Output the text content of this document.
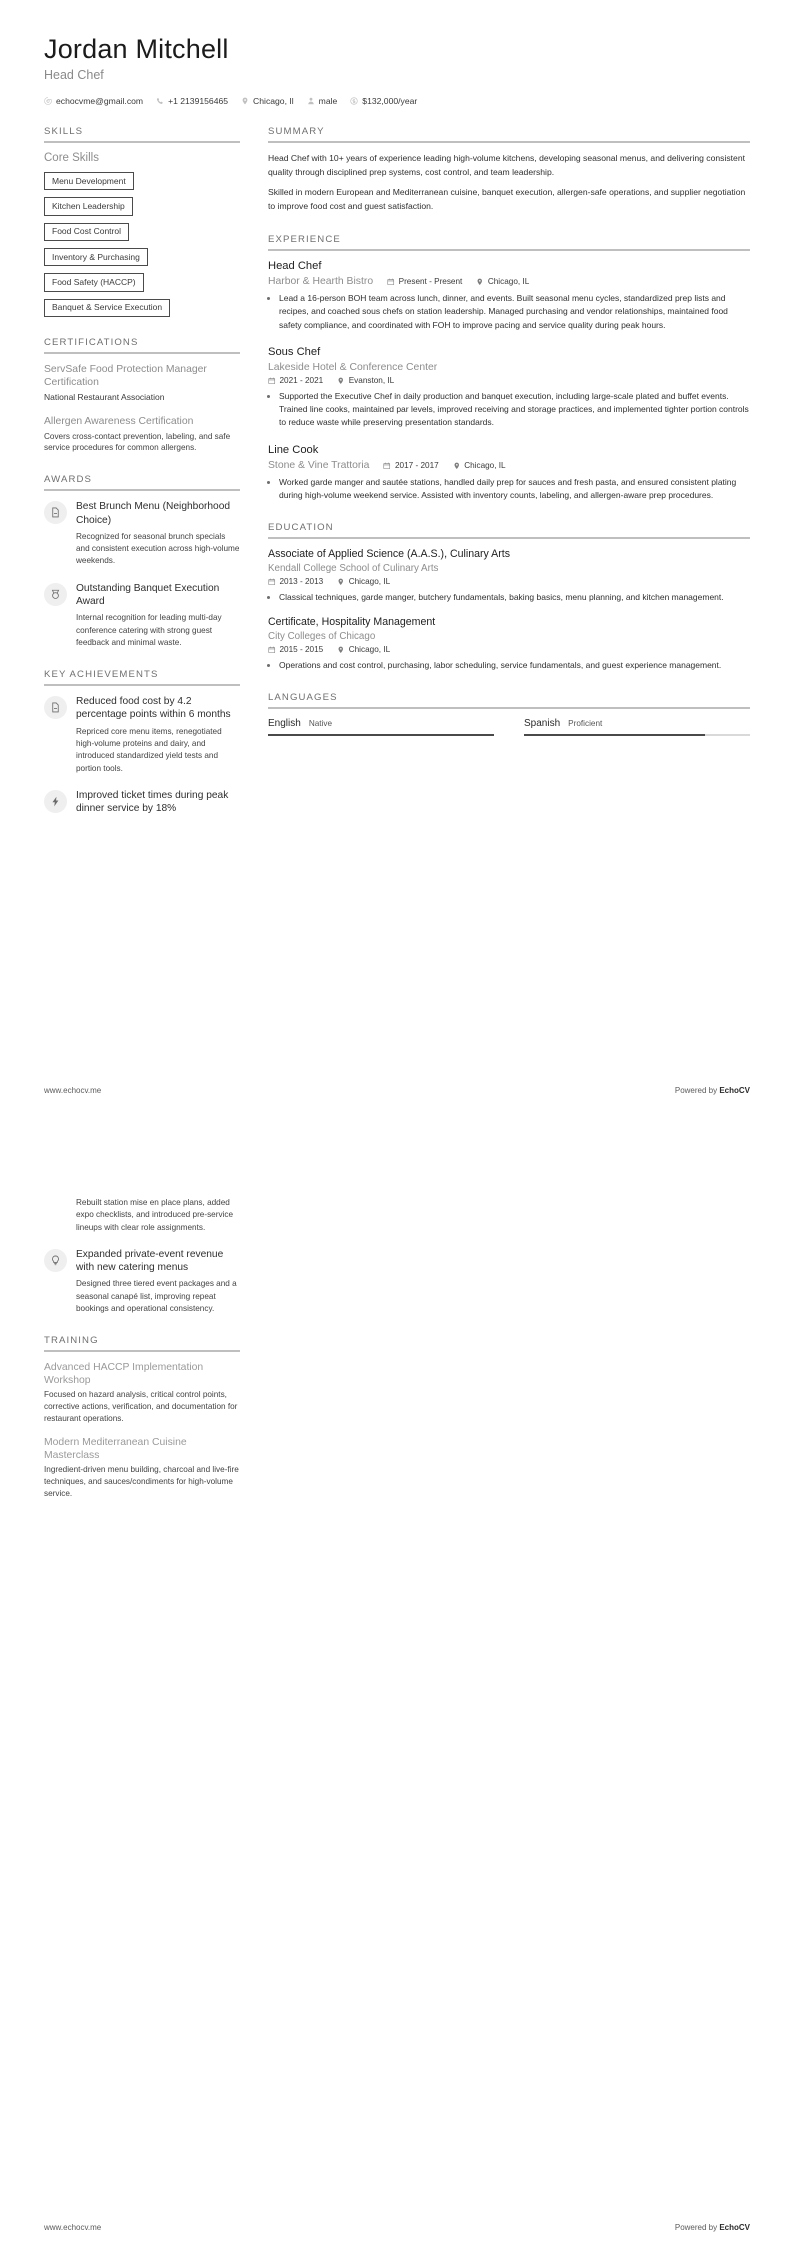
Jordan Mitchell
Head Chef
echocvme@gmail.com	+1 2139156465	Chicago, Il	male	$132,000/year
SKILLS
Core Skills
Menu Development
Kitchen Leadership
Food Cost Control
Inventory & Purchasing
Food Safety (HACCP)
Banquet & Service Execution
CERTIFICATIONS
ServSafe Food Protection Manager Certification
National Restaurant Association
Allergen Awareness Certification
Covers cross-contact prevention, labeling, and safe service procedures for common allergens.
AWARDS
Best Brunch Menu (Neighborhood Choice)
Recognized for seasonal brunch specials and consistent execution across high-volume weekends.
Outstanding Banquet Execution Award
Internal recognition for leading multi-day conference catering with strong guest feedback and minimal waste.
KEY ACHIEVEMENTS
Reduced food cost by 4.2 percentage points within 6 months
Repriced core menu items, renegotiated high-volume proteins and dairy, and introduced standardized yield tests and portion tools.
Improved ticket times during peak dinner service by 18%
SUMMARY

Head Chef with 10+ years of experience leading high-volume kitchens, developing seasonal menus, and delivering consistent quality through disciplined prep systems, cost control, and team leadership.

Skilled in modern European and Mediterranean cuisine, banquet execution, allergen-safe operations, and supplier negotiation to improve food cost and guest satisfaction.

EXPERIENCE
Head Chef
Harbor & Hearth Bistro	Present - Present	Chicago, IL
• Lead a 16-person BOH team across lunch, dinner, and events. Built seasonal menu cycles, standardized prep lists and recipes, and coached sous chefs on station leadership. Managed purchasing and vendor relationships, maintained food safety compliance, and coordinated with FOH to improve pacing and service quality during peak hours.
Sous Chef
Lakeside Hotel & Conference Center
2021 - 2021	Evanston, IL
• Supported the Executive Chef in daily production and banquet execution, including large-scale plated and buffet events. Trained line cooks, maintained par levels, improved receiving and storage practices, and implemented tighter portion controls to reduce waste while preserving presentation standards.
Line Cook
Stone & Vine Trattoria	2017 - 2017	Chicago, IL
• Worked garde manger and sautée stations, handled daily prep for sauces and fresh pasta, and ensured consistent plating during high-volume weekend service. Assisted with inventory counts, labeling, and allergen-aware prep procedures.
EDUCATION
Associate of Applied Science (A.A.S.), Culinary Arts
Kendall College School of Culinary Arts
2013 - 2013	Chicago, IL
• Classical techniques, garde manger, butchery fundamentals, baking basics, menu planning, and kitchen management.
Certificate, Hospitality Management
City Colleges of Chicago
2015 - 2015	Chicago, IL
• Operations and cost control, purchasing, labor scheduling, service fundamentals, and guest experience management.
LANGUAGES
English Native	Spanish Proficient
www.echocv.me	Powered by EchoCV
Rebuilt station mise en place plans, added expo checklists, and introduced pre-service lineups with clear role assignments.
Expanded private-event revenue with new catering menus
Designed three tiered event packages and a seasonal canapé list, improving repeat bookings and operational consistency.
TRAINING
Advanced HACCP Implementation Workshop
Focused on hazard analysis, critical control points, corrective actions, verification, and documentation for restaurant operations.
Modern Mediterranean Cuisine Masterclass
Ingredient-driven menu building, charcoal and live-fire techniques, and sauces/condiments for high-volume service.
www.echocv.me	Powered by EchoCV
